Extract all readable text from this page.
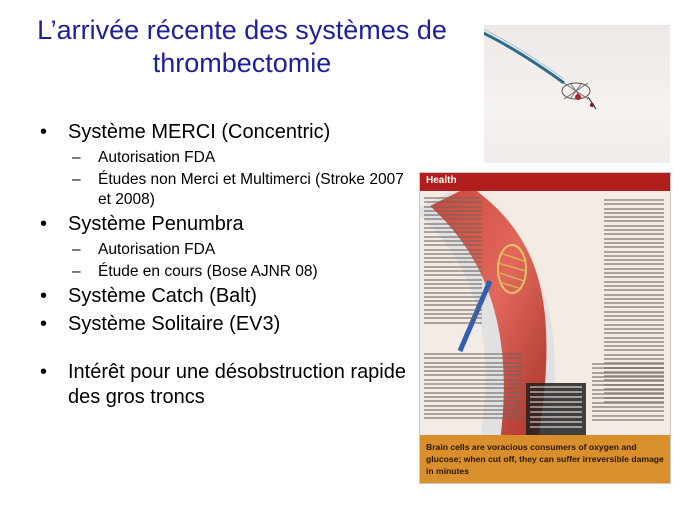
L’arrivée récente des systèmes de thrombectomie
• Système MERCI (Concentric)
– Autorisation FDA
– Études non Merci et Multimerci (Stroke 2007 et 2008)
• Système Penumbra
– Autorisation FDA
– Étude en cours (Bose AJNR 08)
• Système Catch (Balt)
• Système Solitaire (EV3)
• Intérêt pour une désobstruction rapide des gros troncs
Health
Brain cells are voracious consumers of oxygen and glucose; when cut off, they can suffer irreversible damage in minutes
